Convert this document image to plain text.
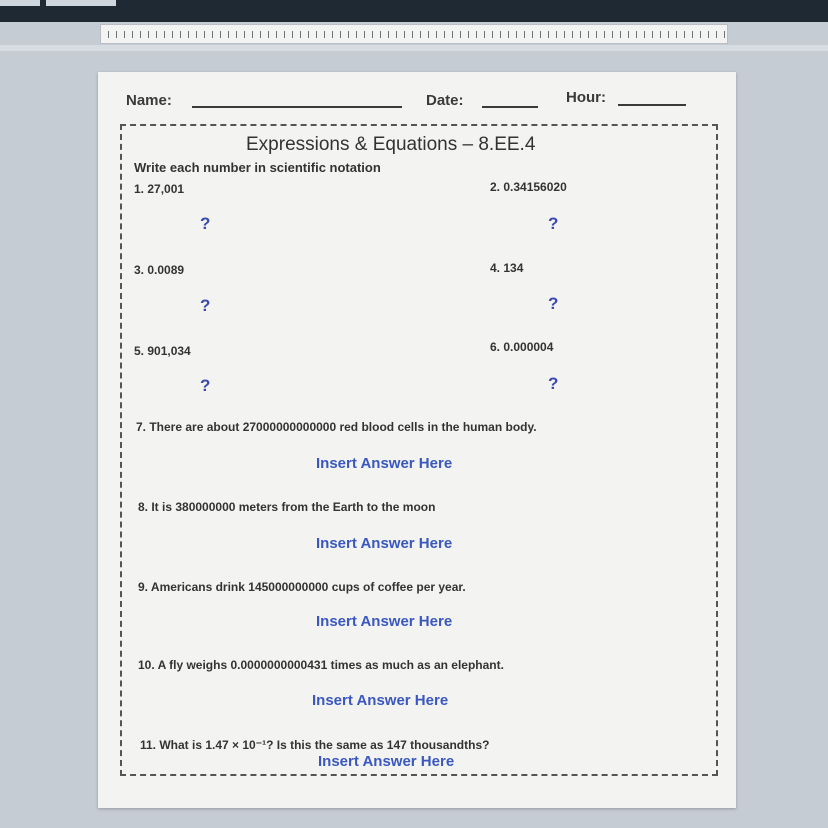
Name:	Date:	Hour:
Expressions & Equations – 8.EE.4
Write each number in scientific notation
1. 27,001	2. 0.34156020
?	?
3. 0.0089	4. 134
?	?
5. 901,034	6. 0.000004
?	?
7. There are about 27000000000000 red blood cells in the human body.
Insert Answer Here
8. It is 380000000 meters from the Earth to the moon
Insert Answer Here
9. Americans drink 145000000000 cups of coffee per year.
Insert Answer Here
10. A fly weighs 0.0000000000431 times as much as an elephant.
Insert Answer Here
11. What is 1.47 × 10⁻¹? Is this the same as 147 thousandths?
Insert Answer Here
